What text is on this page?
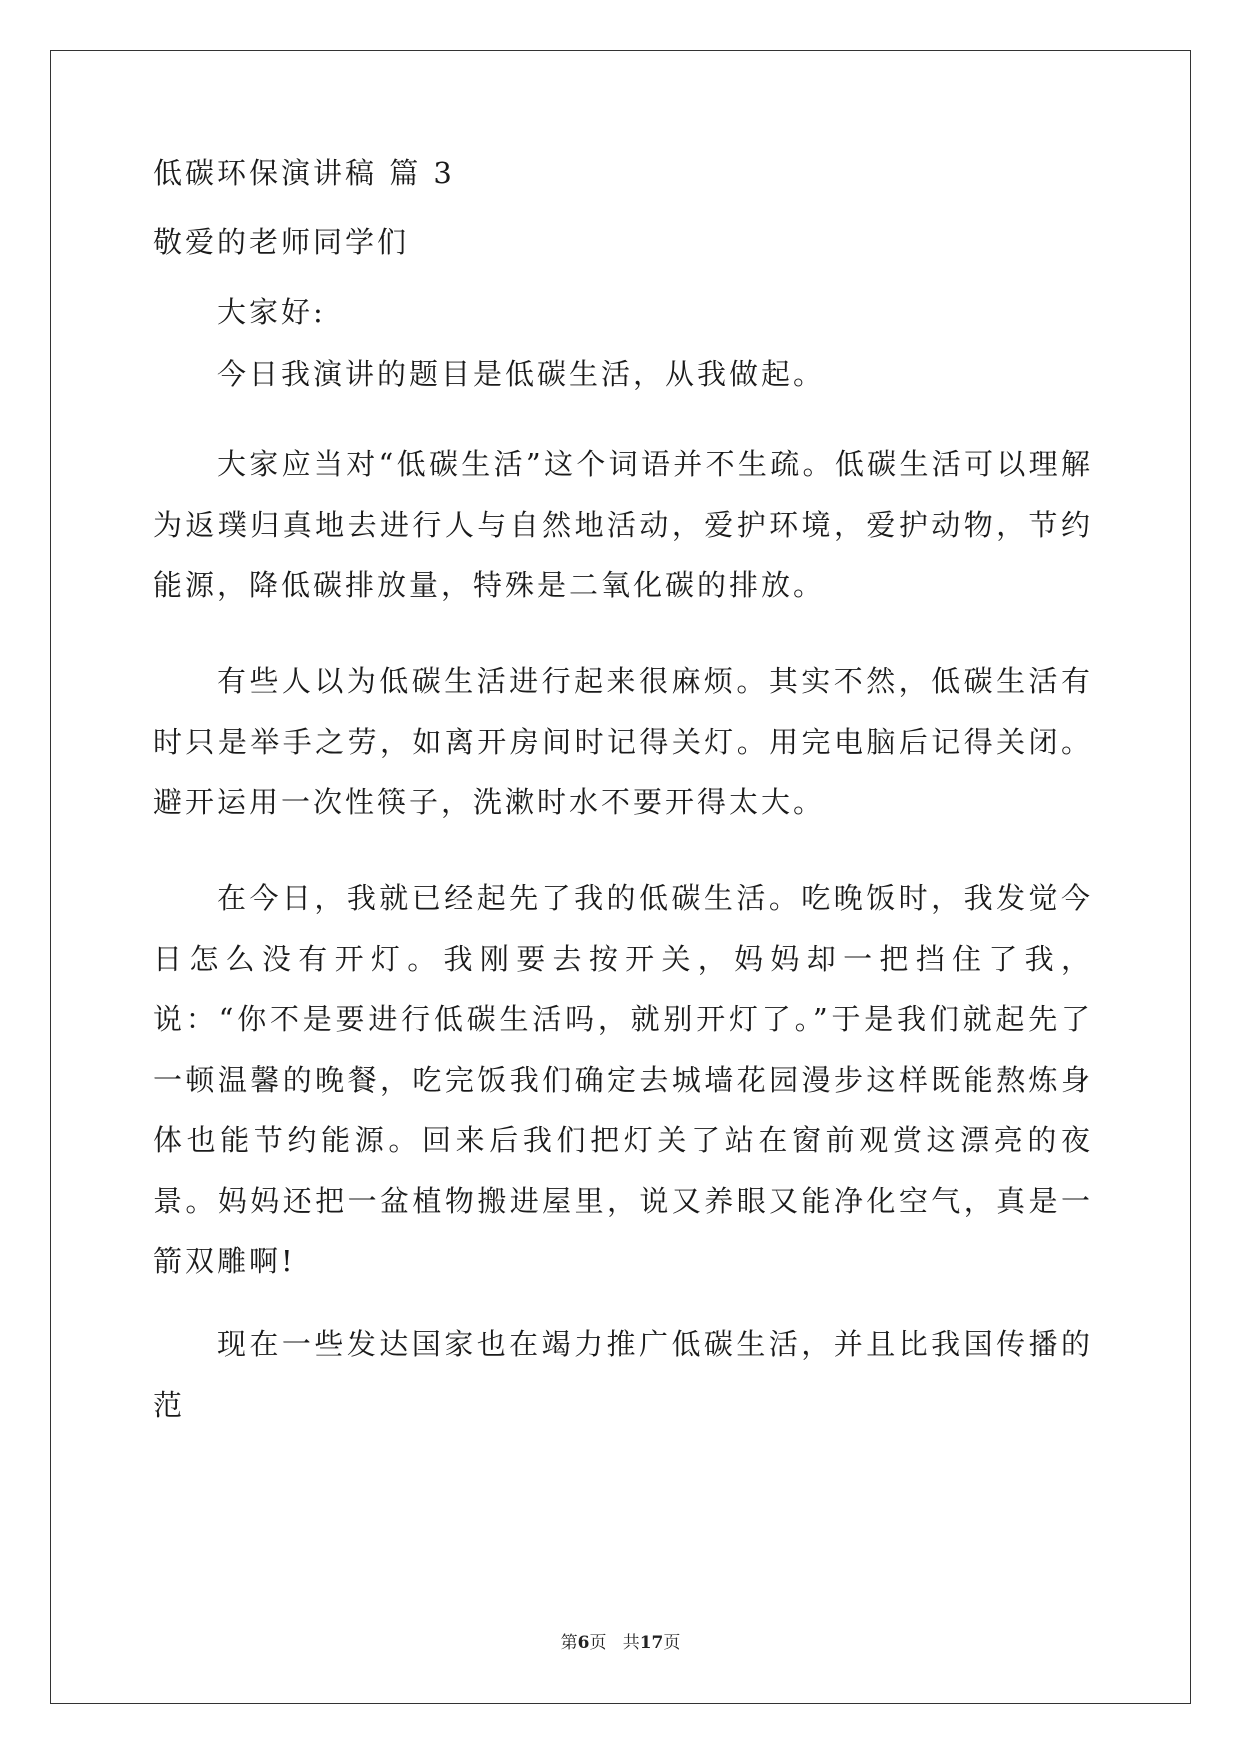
低碳环保演讲稿 篇 3

敬爱的老师同学们

大家好:

今日我演讲的题目是低碳生活，从我做起。

大家应当对“低碳生活”这个词语并不生疏。低碳生活可以理解为返璞归真地去进行人与自然地活动，爱护环境，爱护动物，节约能源，降低碳排放量，特殊是二氧化碳的排放。

有些人以为低碳生活进行起来很麻烦。其实不然，低碳生活有时只是举手之劳，如离开房间时记得关灯。用完电脑后记得关闭。避开运用一次性筷子，洗漱时水不要开得太大。

在今日，我就已经起先了我的低碳生活。吃晚饭时，我发觉今日怎么没有开灯。我刚要去按开关，妈妈却一把挡住了我，说：“你不是要进行低碳生活吗，就别开灯了。”于是我们就起先了一顿温馨的晚餐，吃完饭我们确定去城墙花园漫步这样既能熬炼身体也能节约能源。回来后我们把灯关了站在窗前观赏这漂亮的夜景。妈妈还把一盆植物搬进屋里，说又养眼又能净化空气，真是一箭双雕啊!

现在一些发达国家也在竭力推广低碳生活，并且比我国传播的范

第6页 共17页
